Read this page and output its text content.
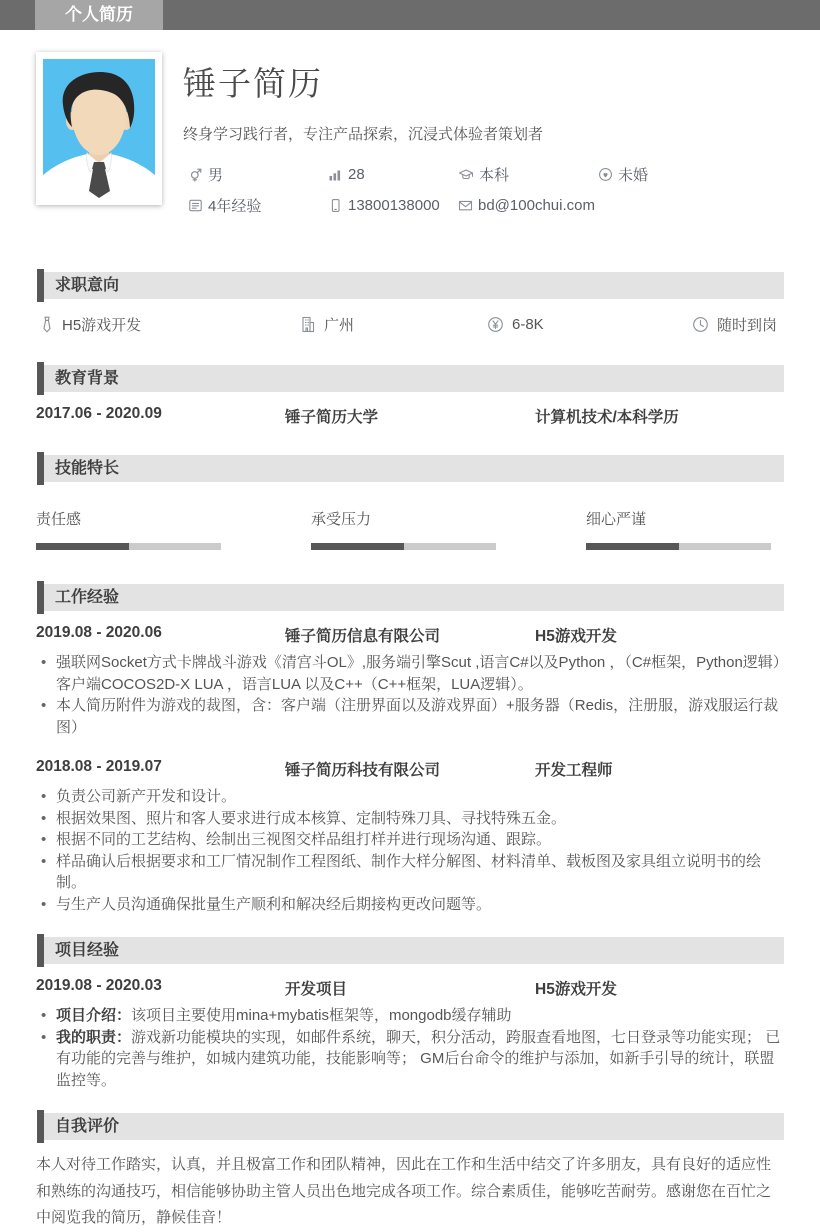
个人简历
锤子简历
终身学习践行者，专注产品探索，沉浸式体验者策划者
男	28	本科	未婚
4年经验	13800138000	bd@100chui.com
求职意向
H5游戏开发	广州	6-8K	随时到岗
教育背景
2017.06 - 2020.09	锤子简历大学	计算机技术/本科学历
技能特长
责任感	承受压力	细心严谨
工作经验
2019.08 - 2020.06	锤子简历信息有限公司	H5游戏开发
• 强联网Socket方式卡牌战斗游戏《清宫斗OL》,服务端引擎Scut ,语言C#以及Python ，（C#框架，Python逻辑）客户端COCOS2D-X LUA ，语言LUA 以及C++（C++框架，LUA逻辑）。
• 本人简历附件为游戏的裁图，含：客户端（注册界面以及游戏界面）+服务器（Redis，注册服，游戏服运行裁图）
2018.08 - 2019.07	锤子简历科技有限公司	开发工程师
• 负责公司新产开发和设计。
• 根据效果图、照片和客人要求进行成本核算、定制特殊刀具、寻找特殊五金。
• 根据不同的工艺结构、绘制出三视图交样品组打样并进行现场沟通、跟踪。
• 样品确认后根据要求和工厂情况制作工程图纸、制作大样分解图、材料清单、载板图及家具组立说明书的绘制。
• 与生产人员沟通确保批量生产顺利和解决经后期接构更改问题等。
项目经验
2019.08 - 2020.03	开发项目	H5游戏开发
• 项目介绍：该项目主要使用mina+mybatis框架等，mongodb缓存辅助
• 我的职责：游戏新功能模块的实现，如邮件系统，聊天，积分活动，跨服查看地图，七日登录等功能实现； 已有功能的完善与维护，如城内建筑功能，技能影响等； GM后台命令的维护与添加，如新手引导的统计，联盟监控等。
自我评价

本人对待工作踏实，认真，并且极富工作和团队精神，因此在工作和生活中结交了许多朋友，具有良好的适应性和熟练的沟通技巧，相信能够协助主管人员出色地完成各项工作。综合素质佳，能够吃苦耐劳。感谢您在百忙之中阅览我的简历，静候佳音！
